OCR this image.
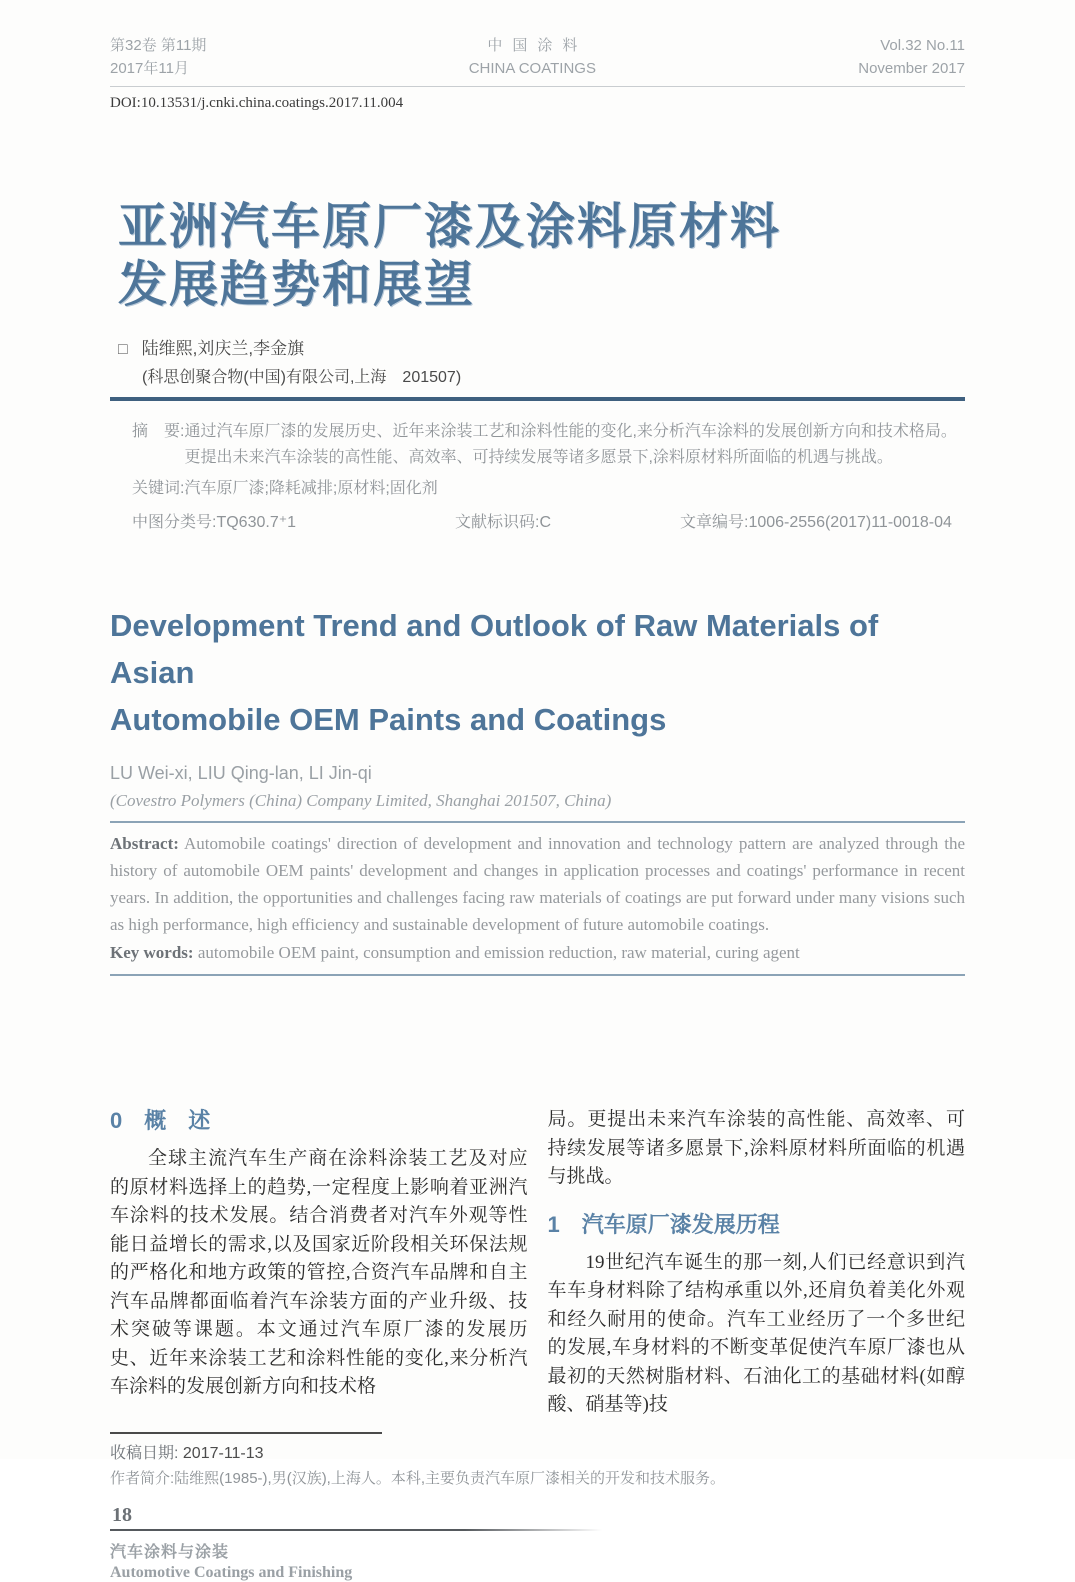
第32卷 第11期
2017年11月
中国涂料
CHINA COATINGS
Vol.32 No.11
November 2017
DOI:10.13531/j.cnki.china.coatings.2017.11.004
亚洲汽车原厂漆及涂料原材料
发展趋势和展望
□ 陆维熙,刘庆兰,李金旗
(科思创聚合物(中国)有限公司,上海　201507)
摘　要: 通过汽车原厂漆的发展历史、近年来涂装工艺和涂料性能的变化,来分析汽车涂料的发展创新方向和技术格局。更提出未来汽车涂装的高性能、高效率、可持续发展等诸多愿景下,涂料原材料所面临的机遇与挑战。
关键词: 汽车原厂漆;降耗减排;原材料;固化剂
中图分类号:TQ630.7⁺1	文献标识码:C	文章编号:1006-2556(2017)11-0018-04
Development Trend and Outlook of Raw Materials of Asian
Automobile OEM Paints and Coatings
LU Wei-xi, LIU Qing-lan, LI Jin-qi
(Covestro Polymers (China) Company Limited, Shanghai 201507, China)
Abstract: Automobile coatings' direction of development and innovation and technology pattern are analyzed through the history of automobile OEM paints' development and changes in application processes and coatings' performance in recent years. In addition, the opportunities and challenges facing raw materials of coatings are put forward under many visions such as high performance, high efficiency and sustainable development of future automobile coatings.
Key words: automobile OEM paint, consumption and emission reduction, raw material, curing agent
0 概　述

全球主流汽车生产商在涂料涂装工艺及对应的原材料选择上的趋势,一定程度上影响着亚洲汽车涂料的技术发展。结合消费者对汽车外观等性能日益增长的需求,以及国家近阶段相关环保法规的严格化和地方政策的管控,合资汽车品牌和自主汽车品牌都面临着汽车涂装方面的产业升级、技术突破等课题。本文通过汽车原厂漆的发展历史、近年来涂装工艺和涂料性能的变化,来分析汽车涂料的发展创新方向和技术格

局。更提出未来汽车涂装的高性能、高效率、可持续发展等诸多愿景下,涂料原材料所面临的机遇与挑战。

1 汽车原厂漆发展历程

19世纪汽车诞生的那一刻,人们已经意识到汽车车身材料除了结构承重以外,还肩负着美化外观和经久耐用的使命。汽车工业经历了一个多世纪的发展,车身材料的不断变革促使汽车原厂漆也从最初的天然树脂材料、石油化工的基础材料(如醇酸、硝基等)技

收稿日期: 2017-11-13
作者简介:陆维熙(1985-),男(汉族),上海人。本科,主要负责汽车原厂漆相关的开发和技术服务。
18
汽车涂料与涂装
Automotive Coatings and Finishing
